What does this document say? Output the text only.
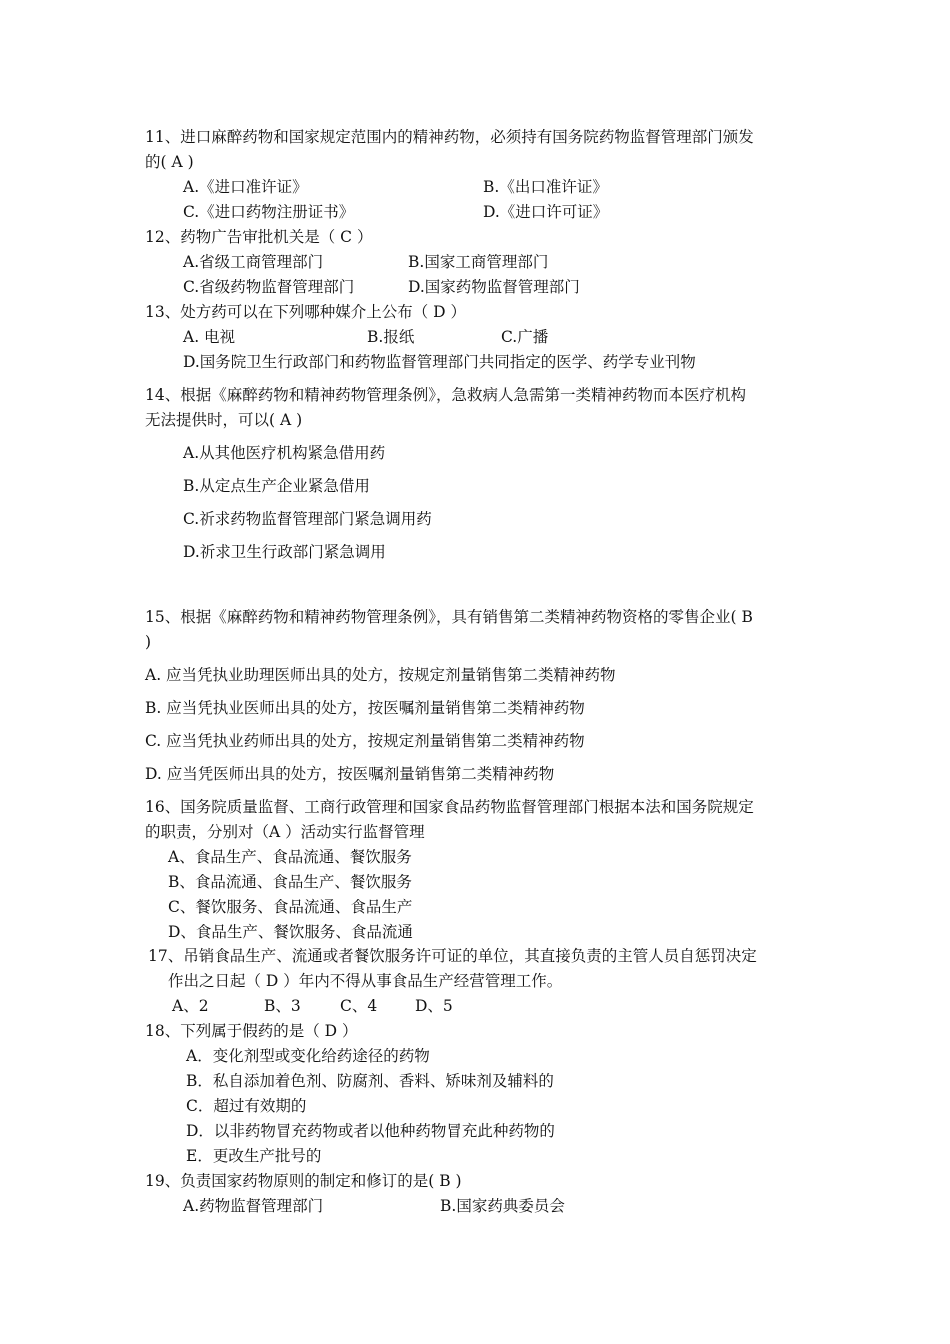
11、进口麻醉药物和国家规定范围内的精神药物，必须持有国务院药物监督管理部门颁发
的( A )
A.《进口准许证》	B.《出口准许证》
C.《进口药物注册证书》	D.《进口许可证》
12、药物广告审批机关是（ C ）
A.省级工商管理部门	B.国家工商管理部门
C.省级药物监督管理部门	D.国家药物监督管理部门
13、处方药可以在下列哪种媒介上公布（ D ）
A. 电视	B.报纸	C.广播
D.国务院卫生行政部门和药物监督管理部门共同指定的医学、药学专业刊物
14、根据《麻醉药物和精神药物管理条例》，急救病人急需第一类精神药物而本医疗机构
无法提供时，可以( A )
A.从其他医疗机构紧急借用药
B.从定点生产企业紧急借用
C.祈求药物监督管理部门紧急调用药
D.祈求卫生行政部门紧急调用
15、根据《麻醉药物和精神药物管理条例》，具有销售第二类精神药物资格的零售企业( B
)
A. 应当凭执业助理医师出具的处方，按规定剂量销售第二类精神药物
B. 应当凭执业医师出具的处方，按医嘱剂量销售第二类精神药物
C. 应当凭执业药师出具的处方，按规定剂量销售第二类精神药物
D. 应当凭医师出具的处方，按医嘱剂量销售第二类精神药物
16、国务院质量监督、工商行政管理和国家食品药物监督管理部门根据本法和国务院规定
的职责，分别对（A ）活动实行监督管理
A、食品生产、食品流通、餐饮服务
B、食品流通、食品生产、餐饮服务
C、餐饮服务、食品流通、食品生产
D、食品生产、餐饮服务、食品流通
17、吊销食品生产、流通或者餐饮服务许可证的单位，其直接负责的主管人员自惩罚决定
作出之日起（ D ）年内不得从事食品生产经营管理工作。
A、2	B、3	C、4 D、5
18、下列属于假药的是（ D ）
A．变化剂型或变化给药途径的药物
B．私自添加着色剂、防腐剂、香料、矫味剂及辅料的
C．超过有效期的
D．以非药物冒充药物或者以他种药物冒充此种药物的
E．更改生产批号的
19、负责国家药物原则的制定和修订的是( B )
A.药物监督管理部门	B.国家药典委员会
